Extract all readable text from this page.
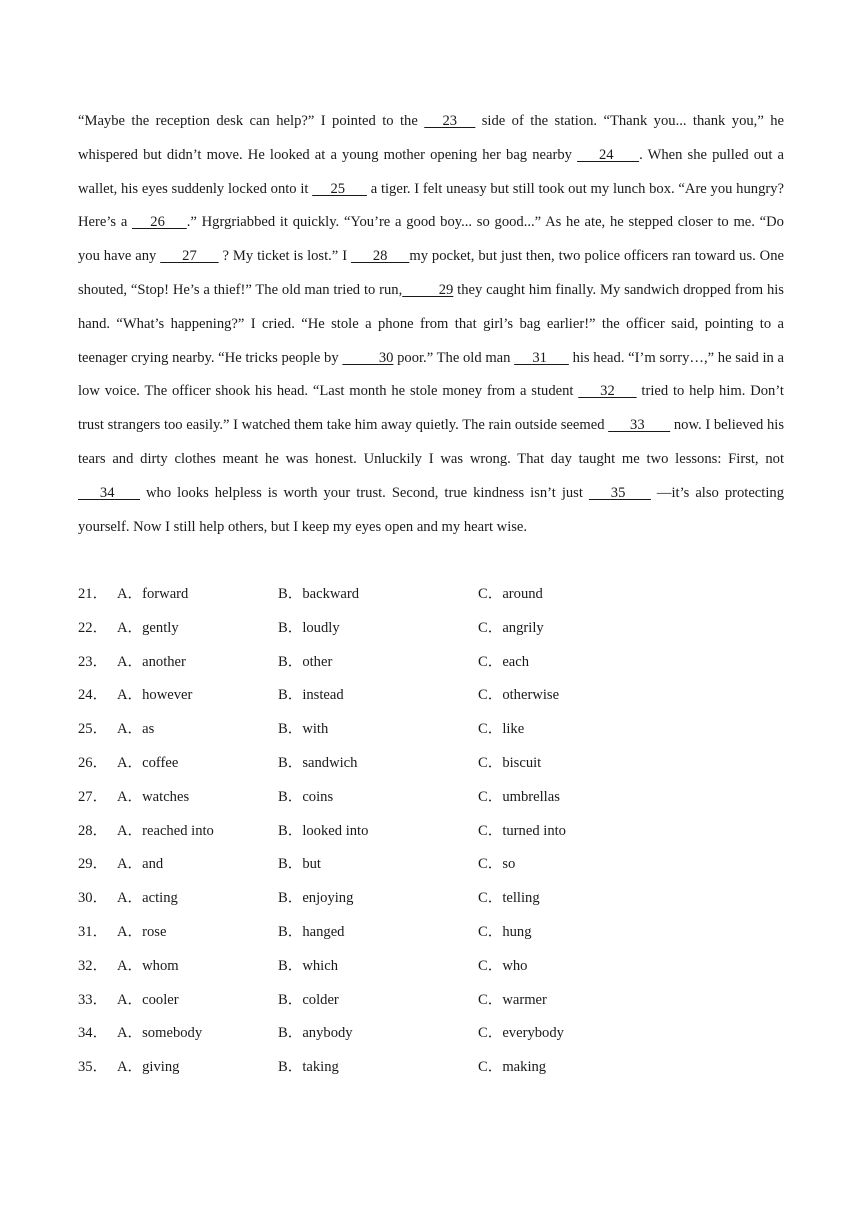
“Maybe the reception desk can help?” I pointed to the      23      side of the station. “Thank you... thank you,” he whispered but didn’t move. He looked at a young mother opening her bag nearby       24       . When she pulled out a wallet, his eyes suddenly locked onto it      25       a tiger. I felt uneasy but still took out my lunch box. “Are you hungry? Here’s a      26      .” Hgrgriabbed it quickly. “You’re a good boy... so good...” As he ate, he stepped closer to me. “Do you have any       27       ? My ticket is lost.” I       28      my pocket, but just then, two police officers ran toward us. One shouted, “Stop! He’s a thief!” The old man tried to run,          29 they caught him finally. My sandwich dropped from his hand. “What’s happening?” I cried. “He stole a phone from that girl’s bag earlier!” the officer said, pointing to a teenager crying nearby. “He tricks people by           30 poor.” The old man      31       his head. “I’m sorry…,” he said in a low voice. The officer shook his head. “Last month he stole money from a student       32       tried to help him. Don’t trust strangers too easily.” I watched them take him away quietly. The rain outside seemed       33        now. I believed his tears and dirty clothes meant he was honest. Unluckily I was wrong. That day taught me two lessons: First, not       34        who looks helpless is worth your trust. Second, true kindness isn’t just       35        —it’s also protecting yourself. Now I still help others, but I keep my eyes open and my heart wise.

21． A．forward	B．backward	C．around
22． A．gently	B．loudly	C．angrily
23． A．another	B．other	C．each
24． A．however	B．instead	C．otherwise
25． A．as	B．with	C．like
26． A．coffee	B．sandwich	C．biscuit
27． A．watches	B．coins	C．umbrellas
28． A．reached into	B．looked into	C．turned into
29． A．and	B．but	C．so
30． A．acting	B．enjoying	C．telling
31． A．rose	B．hanged	C．hung
32． A．whom	B．which	C．who
33． A．cooler	B．colder	C．warmer
34． A．somebody	B．anybody	C．everybody
35． A．giving	B．taking	C．making
